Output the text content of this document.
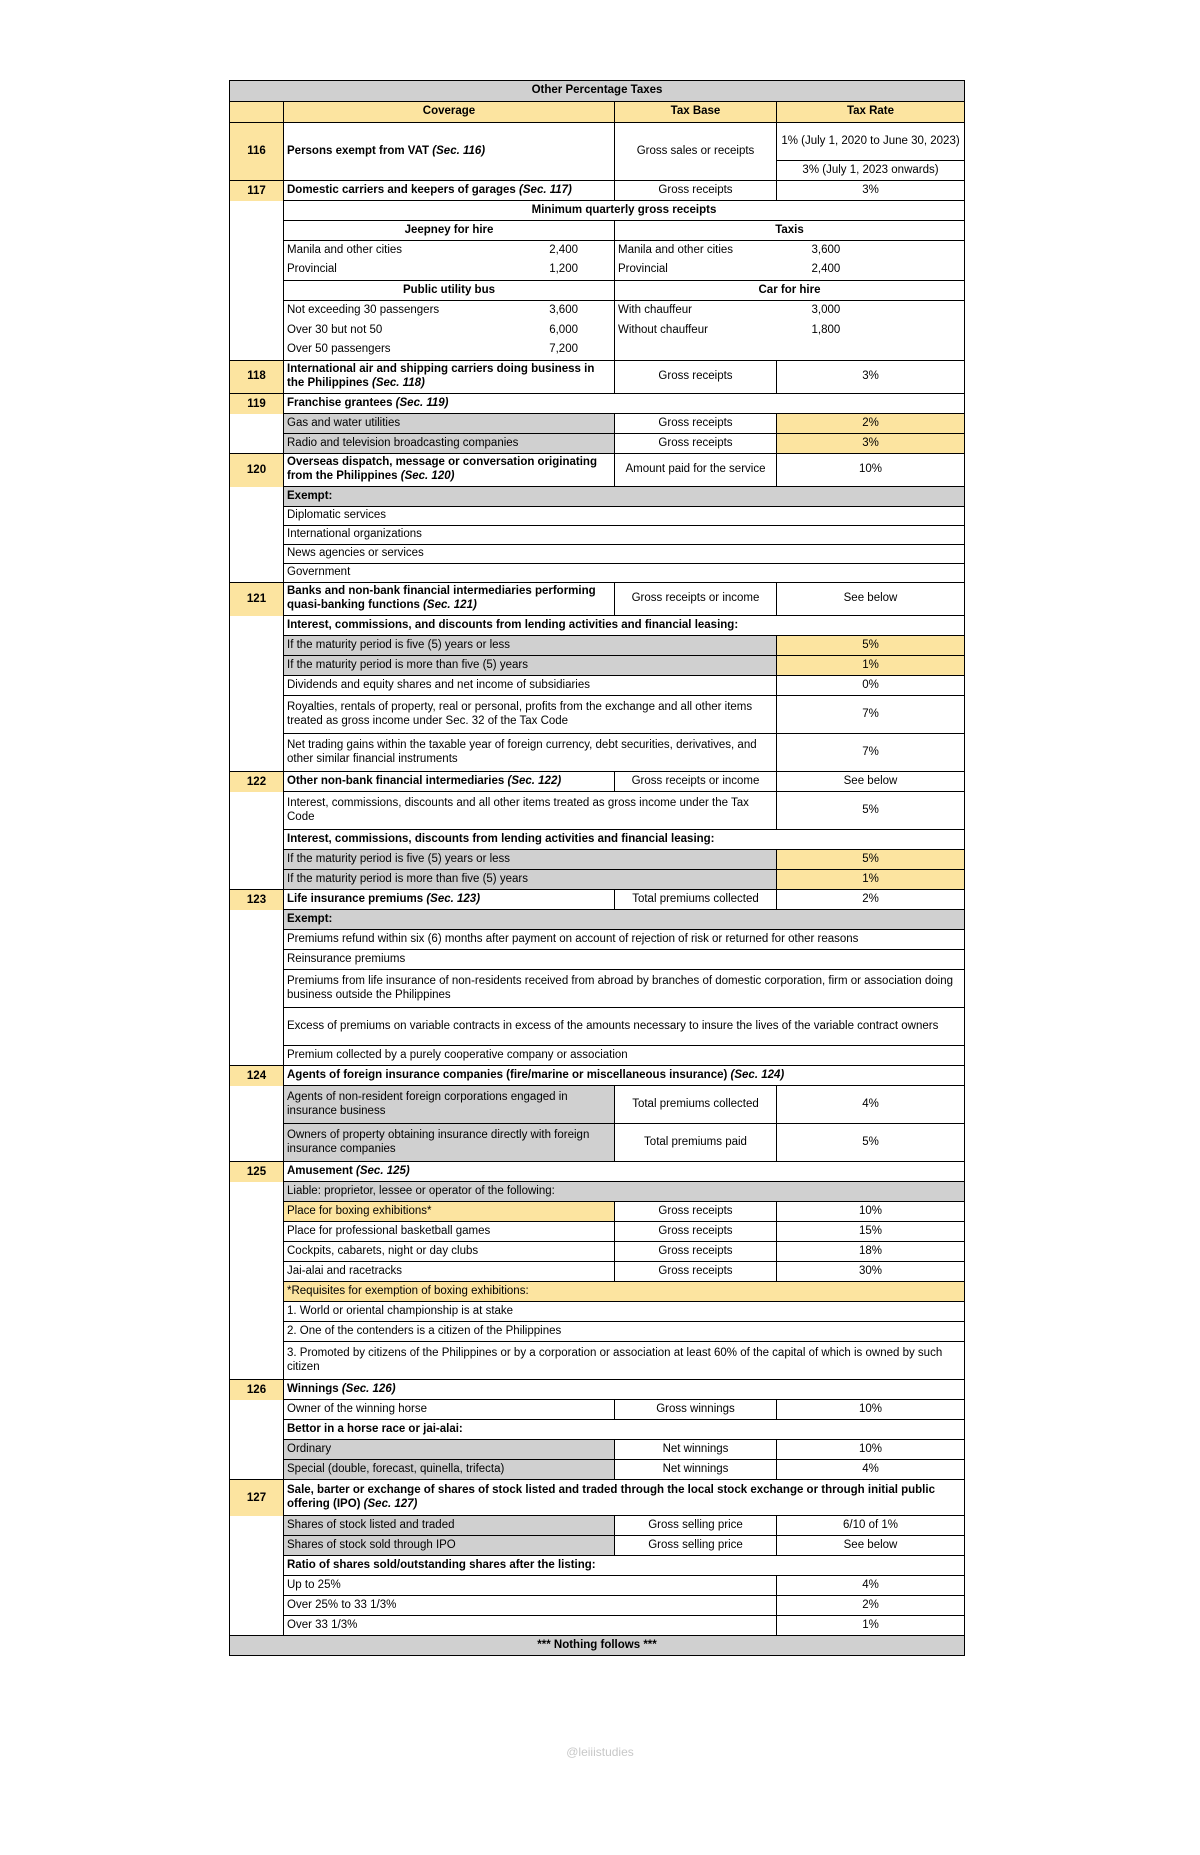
Other Percentage Taxes				
	Coverage		Tax Base	Tax Rate
116	Persons exempt from VAT (Sec. 116)		Gross sales or receipts	1% (July 1, 2020 to June 30, 2023)
				3% (July 1, 2023 onwards)

117	Domestic carriers and keepers of garages (Sec. 117)		Gross receipts	3%
	Minimum quarterly gross receipts			
	Jeepney for hire		Taxis	
	Manila and other cities	2,400	Manila and other cities	3,600
	Provincial	1,200	Provincial	2,400
	Public utility bus		Car for hire	
	Not exceeding 30 passengers	3,600	With chauffeur	3,000
	Over 30 but not 50	6,000	Without chauffeur	1,800
	Over 50 passengers	7,200		
118	International air and shipping carriers doing business in the Philippines (Sec. 118)		Gross receipts	3%

119	Franchise grantees (Sec. 119)			
	Gas and water utilities		Gross receipts	2%
	Radio and television broadcasting companies		Gross receipts	3%

120	Overseas dispatch, message or conversation originating from the Philippines (Sec. 120)		Amount paid for the service	10%
	Exempt:			
	Diplomatic services			
	International organizations			
	News agencies or services			
	Government			

121	Banks and non-bank financial intermediaries performing quasi-banking functions (Sec. 121)		Gross receipts or income	See below
	Interest, commissions, and discounts from lending activities and financial leasing:			
	If the maturity period is five (5) years or less			5%
	If the maturity period is more than five (5) years			1%
	Dividends and equity shares and net income of subsidiaries			0%
	Royalties, rentals of property, real or personal, profits from the exchange and all other items treated as gross income under Sec. 32 of the Tax Code			7%
	Net trading gains within the taxable year of foreign currency, debt securities, derivatives, and other similar financial instruments			7%

122	Other non-bank financial intermediaries (Sec. 122)		Gross receipts or income	See below
	Interest, commissions, discounts and all other items treated as gross income under the Tax Code			5%
	Interest, commissions, discounts from lending activities and financial leasing:			
	If the maturity period is five (5) years or less			5%
	If the maturity period is more than five (5) years			1%

123	Life insurance premiums (Sec. 123)		Total premiums collected	2%
	Exempt:			
	Premiums refund within six (6) months after payment on account of rejection of risk or returned for other reasons			
	Reinsurance premiums			
	Premiums from life insurance of non-residents received from abroad by branches of domestic corporation, firm or association doing business outside the Philippines			
	Excess of premiums on variable contracts in excess of the amounts necessary to insure the lives of the variable contract owners			
	Premium collected by a purely cooperative company or association			

124	Agents of foreign insurance companies (fire/marine or miscellaneous insurance) (Sec. 124)			
	Agents of non-resident foreign corporations engaged in insurance business		Total premiums collected	4%
	Owners of property obtaining insurance directly with foreign insurance companies		Total premiums paid	5%

125	Amusement (Sec. 125)			
	Liable: proprietor, lessee or operator of the following:			
	Place for boxing exhibitions*		Gross receipts	10%
	Place for professional basketball games		Gross receipts	15%
	Cockpits, cabarets, night or day clubs		Gross receipts	18%
	Jai-alai and racetracks		Gross receipts	30%
	*Requisites for exemption of boxing exhibitions:			
	1. World or oriental championship is at stake			
	2. One of the contenders is a citizen of the Philippines			
	3. Promoted by citizens of the Philippines or by a corporation or association at least 60% of the capital of which is owned by such citizen			

126	Winnings (Sec. 126)			
	Owner of the winning horse		Gross winnings	10%
	Bettor in a horse race or jai-alai:			
	Ordinary		Net winnings	10%
	Special (double, forecast, quinella, trifecta)		Net winnings	4%

127	Sale, barter or exchange of shares of stock listed and traded through the local stock exchange or through initial public offering (IPO) (Sec. 127)			
	Shares of stock listed and traded		Gross selling price	6/10 of 1%
	Shares of stock sold through IPO		Gross selling price	See below
	Ratio of shares sold/outstanding shares after the listing:			
	Up to 25%			4%
	Over 25% to 33 1/3%			2%
	Over 33 1/3%			1%
*** Nothing follows ***				
@leiiistudies
